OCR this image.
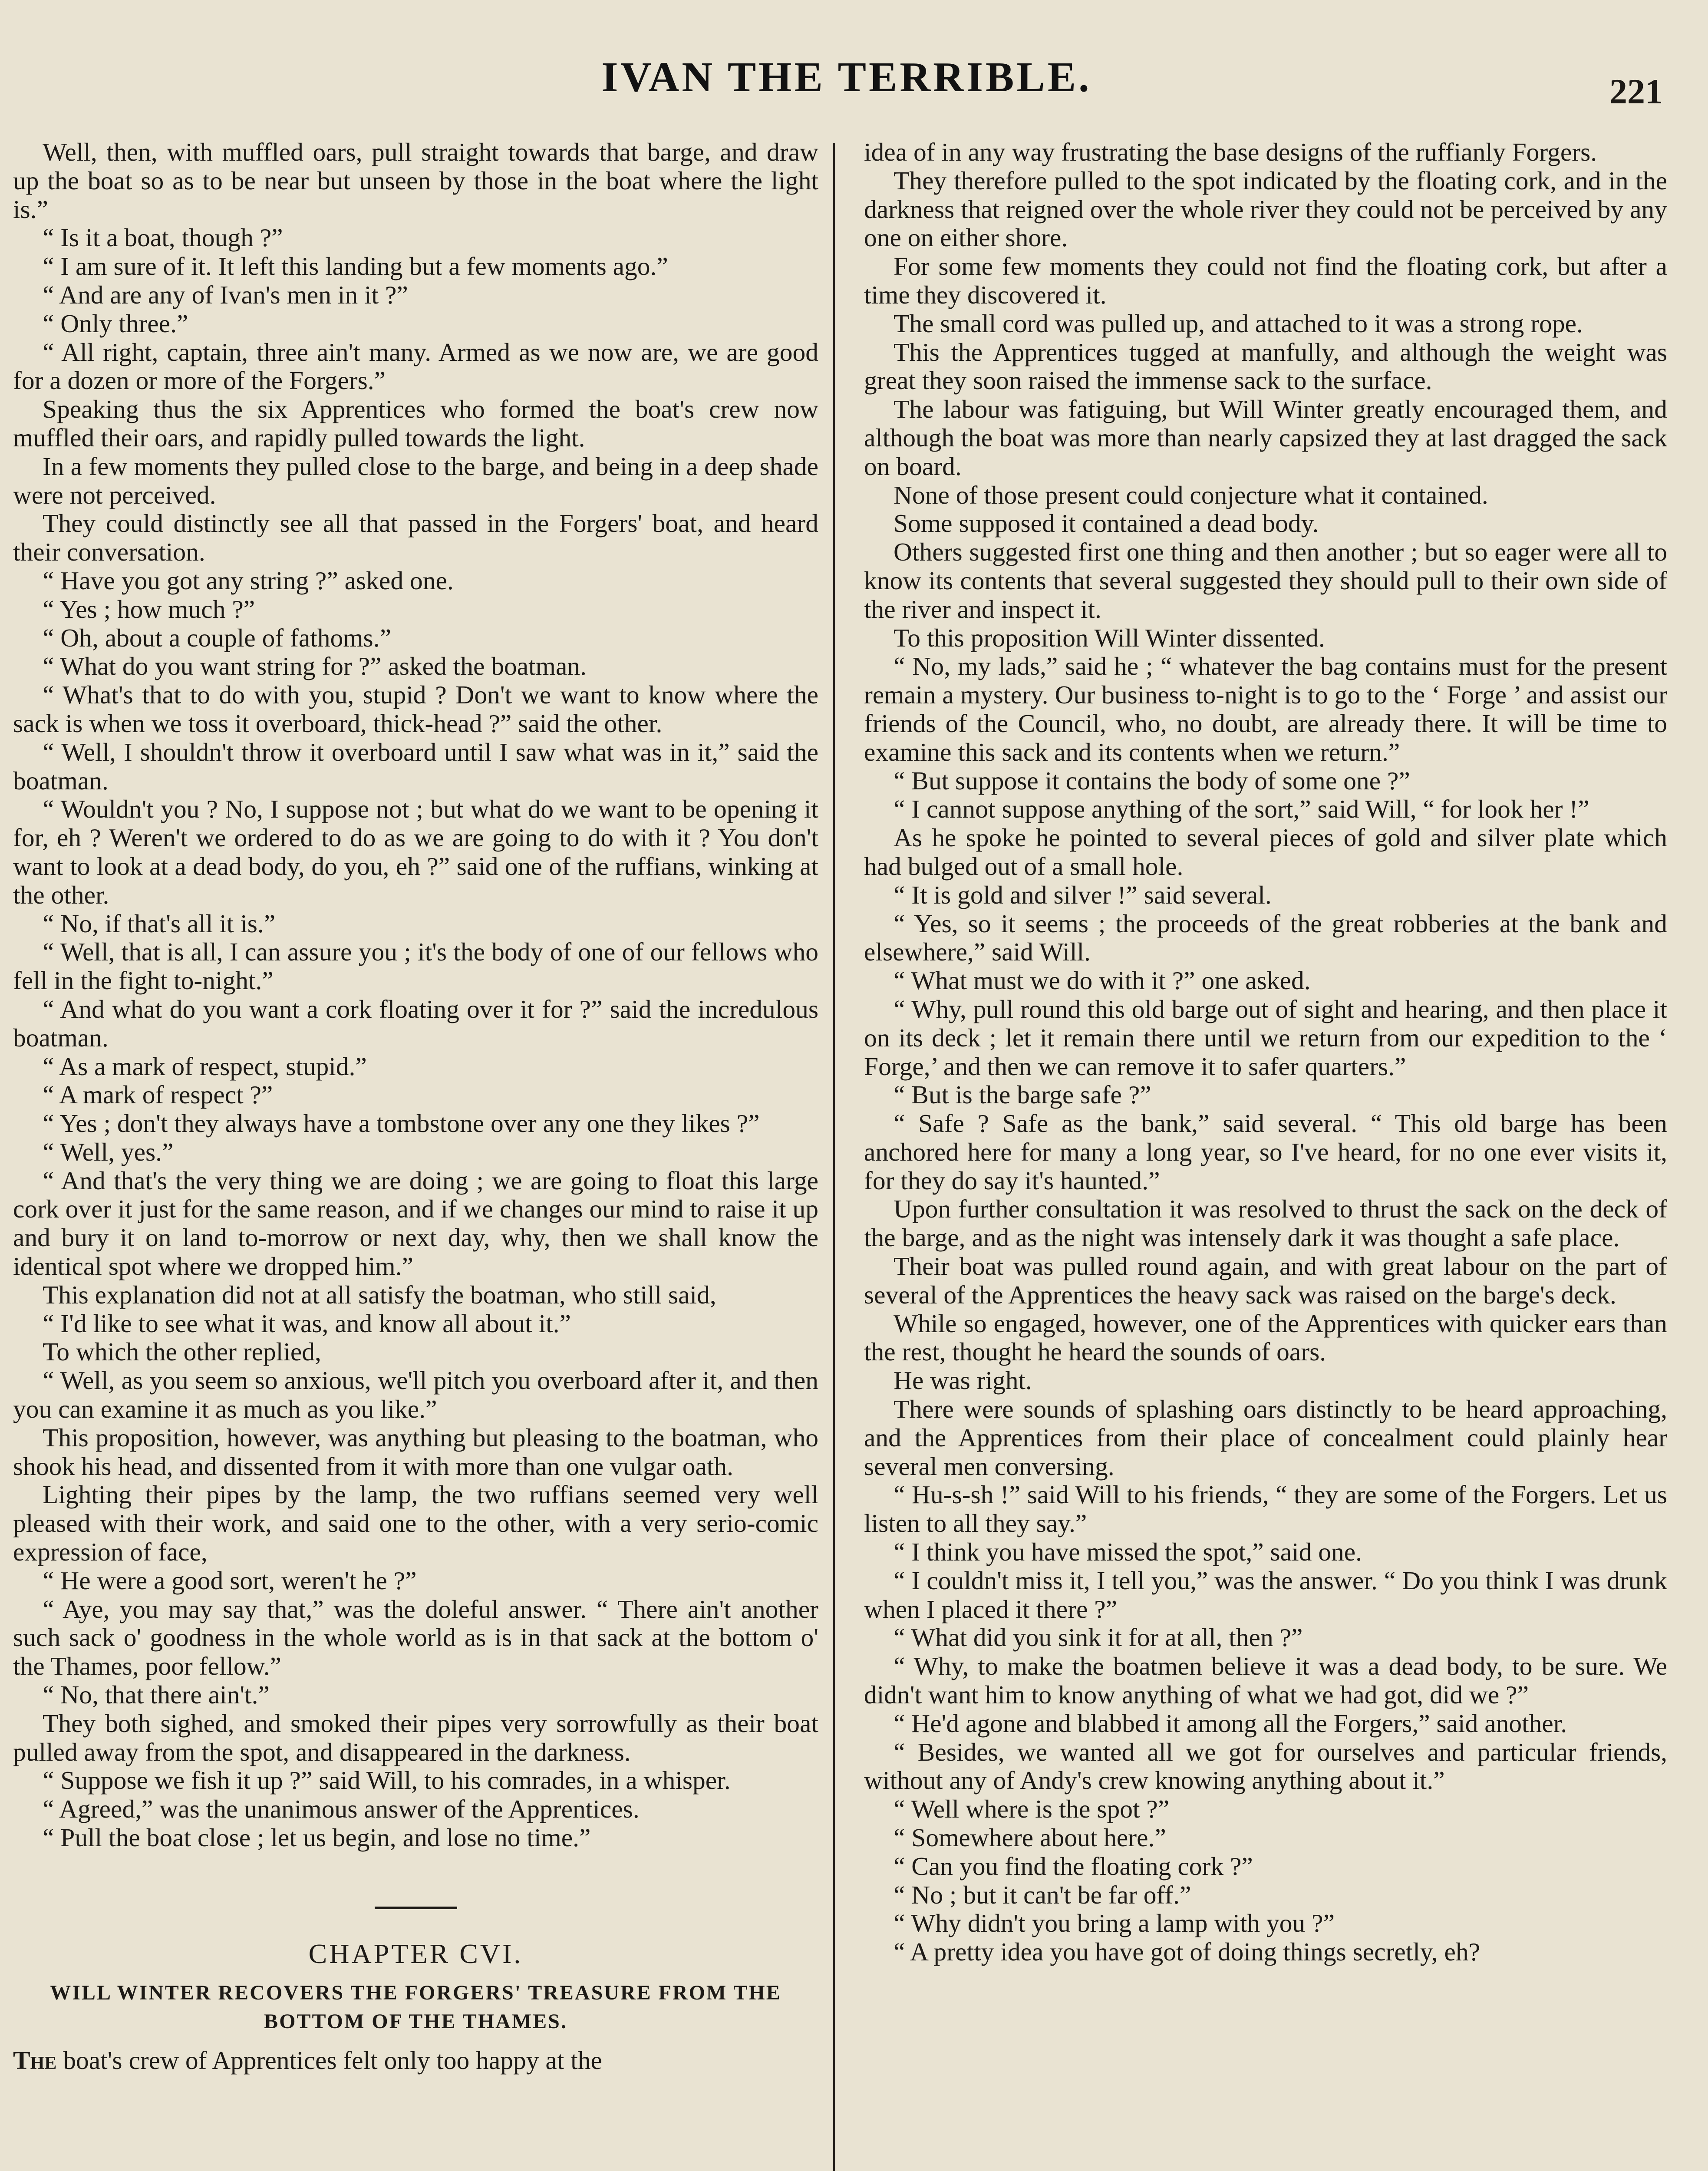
IVAN THE TERRIBLE.	221

Well, then, with muffled oars, pull straight towards that barge, and draw up the boat so as to be near but unseen by those in the boat where the light is.”

“ Is it a boat, though ?”

“ I am sure of it. It left this landing but a few moments ago.”

“ And are any of Ivan's men in it ?”

“ Only three.”

“ All right, captain, three ain't many. Armed as we now are, we are good for a dozen or more of the Forgers.”

Speaking thus the six Apprentices who formed the boat's crew now muffled their oars, and rapidly pulled towards the light.

In a few moments they pulled close to the barge, and being in a deep shade were not perceived.

They could distinctly see all that passed in the Forgers' boat, and heard their conversation.

“ Have you got any string ?” asked one.

“ Yes ; how much ?”

“ Oh, about a couple of fathoms.”

“ What do you want string for ?” asked the boatman.

“ What's that to do with you, stupid ? Don't we want to know where the sack is when we toss it overboard, thick-head ?” said the other.

“ Well, I shouldn't throw it overboard until I saw what was in it,” said the boatman.

“ Wouldn't you ? No, I suppose not ; but what do we want to be opening it for, eh ? Weren't we ordered to do as we are going to do with it ? You don't want to look at a dead body, do you, eh ?” said one of the ruffians, winking at the other.

“ No, if that's all it is.”

“ Well, that is all, I can assure you ; it's the body of one of our fellows who fell in the fight to-night.”

“ And what do you want a cork floating over it for ?” said the incredulous boatman.

“ As a mark of respect, stupid.”

“ A mark of respect ?”

“ Yes ; don't they always have a tombstone over any one they likes ?”

“ Well, yes.”

“ And that's the very thing we are doing ; we are going to float this large cork over it just for the same reason, and if we changes our mind to raise it up and bury it on land to-morrow or next day, why, then we shall know the identical spot where we dropped him.”

This explanation did not at all satisfy the boatman, who still said,

“ I'd like to see what it was, and know all about it.”

To which the other replied,

“ Well, as you seem so anxious, we'll pitch you overboard after it, and then you can examine it as much as you like.”

This proposition, however, was anything but pleasing to the boatman, who shook his head, and dissented from it with more than one vulgar oath.

Lighting their pipes by the lamp, the two ruffians seemed very well pleased with their work, and said one to the other, with a very serio-comic expression of face,

“ He were a good sort, weren't he ?”

“ Aye, you may say that,” was the doleful answer. “ There ain't another such sack o' goodness in the whole world as is in that sack at the bottom o' the Thames, poor fellow.”

“ No, that there ain't.”

They both sighed, and smoked their pipes very sorrowfully as their boat pulled away from the spot, and disappeared in the darkness.

“ Suppose we fish it up ?” said Will, to his comrades, in a whisper.

“ Agreed,” was the unanimous answer of the Apprentices.

“ Pull the boat close ; let us begin, and lose no time.”

CHAPTER CVI.
WILL WINTER RECOVERS THE FORGERS' TREASURE FROM THE BOTTOM OF THE THAMES.

The boat's crew of Apprentices felt only too happy at the

idea of in any way frustrating the base designs of the ruffianly Forgers.

They therefore pulled to the spot indicated by the floating cork, and in the darkness that reigned over the whole river they could not be perceived by any one on either shore.

For some few moments they could not find the floating cork, but after a time they discovered it.

The small cord was pulled up, and attached to it was a strong rope.

This the Apprentices tugged at manfully, and although the weight was great they soon raised the immense sack to the surface.

The labour was fatiguing, but Will Winter greatly encouraged them, and although the boat was more than nearly capsized they at last dragged the sack on board.

None of those present could conjecture what it contained.

Some supposed it contained a dead body.

Others suggested first one thing and then another ; but so eager were all to know its contents that several suggested they should pull to their own side of the river and inspect it.

To this proposition Will Winter dissented.

“ No, my lads,” said he ; “ whatever the bag contains must for the present remain a mystery. Our business to-night is to go to the ‘ Forge ’ and assist our friends of the Council, who, no doubt, are already there. It will be time to examine this sack and its contents when we return.”

“ But suppose it contains the body of some one ?”

“ I cannot suppose anything of the sort,” said Will, “ for look her !”

As he spoke he pointed to several pieces of gold and silver plate which had bulged out of a small hole.

“ It is gold and silver !” said several.

“ Yes, so it seems ; the proceeds of the great robberies at the bank and elsewhere,” said Will.

“ What must we do with it ?” one asked.

“ Why, pull round this old barge out of sight and hearing, and then place it on its deck ; let it remain there until we return from our expedition to the ‘ Forge,’ and then we can remove it to safer quarters.”

“ But is the barge safe ?”

“ Safe ? Safe as the bank,” said several. “ This old barge has been anchored here for many a long year, so I've heard, for no one ever visits it, for they do say it's haunted.”

Upon further consultation it was resolved to thrust the sack on the deck of the barge, and as the night was intensely dark it was thought a safe place.

Their boat was pulled round again, and with great labour on the part of several of the Apprentices the heavy sack was raised on the barge's deck.

While so engaged, however, one of the Apprentices with quicker ears than the rest, thought he heard the sounds of oars.

He was right.

There were sounds of splashing oars distinctly to be heard approaching, and the Apprentices from their place of concealment could plainly hear several men conversing.

“ Hu-s-sh !” said Will to his friends, “ they are some of the Forgers. Let us listen to all they say.”

“ I think you have missed the spot,” said one.

“ I couldn't miss it, I tell you,” was the answer. “ Do you think I was drunk when I placed it there ?”

“ What did you sink it for at all, then ?”

“ Why, to make the boatmen believe it was a dead body, to be sure. We didn't want him to know anything of what we had got, did we ?”

“ He'd agone and blabbed it among all the Forgers,” said another.

“ Besides, we wanted all we got for ourselves and particular friends, without any of Andy's crew knowing anything about it.”

“ Well where is the spot ?”

“ Somewhere about here.”

“ Can you find the floating cork ?”

“ No ; but it can't be far off.”

“ Why didn't you bring a lamp with you ?”

“ A pretty idea you have got of doing things secretly, eh?
